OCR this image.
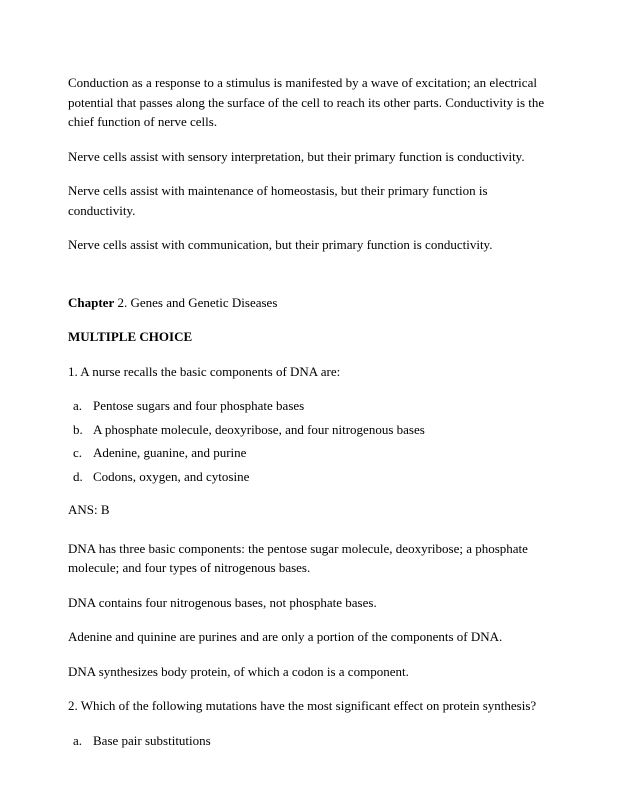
Conduction as a response to a stimulus is manifested by a wave of excitation; an electrical potential that passes along the surface of the cell to reach its other parts. Conductivity is the chief function of nerve cells.

Nerve cells assist with sensory interpretation, but their primary function is conductivity.

Nerve cells assist with maintenance of homeostasis, but their primary function is conductivity.

Nerve cells assist with communication, but their primary function is conductivity.

Chapter 2. Genes and Genetic Diseases

MULTIPLE CHOICE

1. A nurse recalls the basic components of DNA are:

a. Pentose sugars and four phosphate bases
b. A phosphate molecule, deoxyribose, and four nitrogenous bases
c. Adenine, guanine, and purine
d. Codons, oxygen, and cytosine

ANS: B

DNA has three basic components: the pentose sugar molecule, deoxyribose; a phosphate molecule; and four types of nitrogenous bases.

DNA contains four nitrogenous bases, not phosphate bases.

Adenine and quinine are purines and are only a portion of the components of DNA.

DNA synthesizes body protein, of which a codon is a component.

2. Which of the following mutations have the most significant effect on protein synthesis?

a. Base pair substitutions
